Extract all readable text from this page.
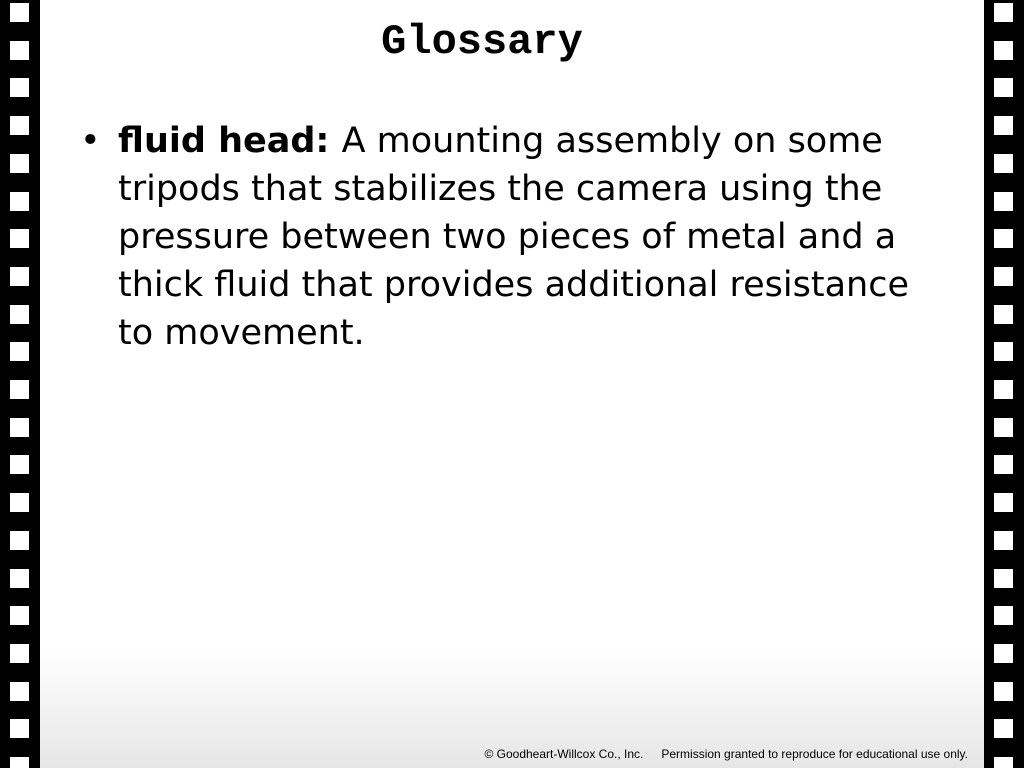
Glossary
• fluid head: A mounting assembly on some tripods that stabilizes the camera using the pressure between two pieces of metal and a thick fluid that provides additional resistance to movement.
© Goodheart-Willcox Co., Inc. Permission granted to reproduce for educational use only.
